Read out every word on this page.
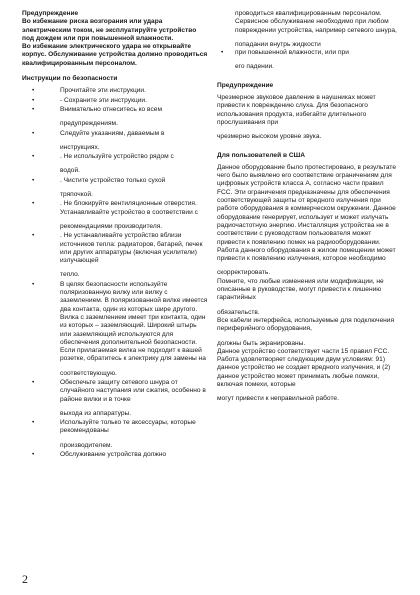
Предупреждение

Во избежание риска возгорания или удара электрическим током, не эксплуатируйте устройство под дождем или при повышенной влажности.

Во избежание электрического удара не открывайте корпус. Обслуживание устройства должно проводиться квалифицированным персоналом.

Инструкции по безопасности
•	Прочитайте эти инструкции.
•	- Сохраните эти инструкции.
•	Внимательно отнеситесь ко всем
предупреждениям.
•	Следуйте указаниям, даваемым в
инструкциях.
•	. Не используйте устройство рядом с
водой.
•	. Чистите устройство только сухой
тряпочкой.
•	. Не блокируйте вентиляционные отверстия. Устанавливайте устройство в соответствии с
рекомендациями производителя.
•	. Не устанавливайте устройство вблизи источников тепла: радиаторов, батарей, печек или других аппаратуры (включая усилители) излучающей
тепло.
•	В целях безопасности используйте поляризованную вилку или вилку с заземлением. В поляризованной вилке имеется два контакта, один из которых шире другого. Вилка с заземлением имеет три контакта, один из которых – заземляющий. Широкий штырь или заземляющий используются для обеспечения дополнительной безопасности. Если прилагаемая вилка не подходит к вашей розетке, обратитесь к электрику для замены на
соответствующую.
•	Обеспечьте защиту сетевого шнура от случайного наступания или сжатия, особенно в районе вилки и в точке
выхода из аппаратуры.
•	Используйте только те аксессуары, которые рекомендованы
производителем.
•	Обслуживание устройства должно

проводиться квалифицированным персоналом. Сервисное обслуживание необходимо при любом повреждении устройства, например сетевого шнура,

попадании внутрь жидкости

• при повышенной влажности, или при

его падении.

Предупреждение

Чрезмерное звуковое давление в наушниках может привести к повреждению слуха. Для безопасного использования продукта, избегайте длительного прослушивания при

чрезмерно высоком уровне звука.

Для пользователей в США

Данное оборудование было протестировано, в результате чего было выявлено его соответствие ограничениям для цифровых устройств класса А, согласно части правил FCC. Эти ограничения предназначены для обеспечения соответствующей защиты от вредного излучения при работе оборудования в коммерческом окружении. Данное оборудование генерирует, использует и может излучать радиочастотную энергию. Инсталляция устройства не в соответствии с руководством пользователя может привести к появлению помех на радиооборудовании. Работа данного оборудования в жилом помещении может привести к появлению излучения, которое необходимо

скорректировать.

Помните, что любые изменения или модификации, не описанные в руководстве, могут привести к лишению гарантийных

обязательств.

Все кабели интерфейса, используемые для подключения периферийного оборудования,

должны быть экранированы.

Данное устройство соответствует части 15 правил FCC. Работа удовлетворяет следующим двум условиям: 91) данное устройство не создает вредного излучения, и (2) данное устройство может принимать любые помехи, включая помехи, которые

могут привести к неправильной работе.

2
